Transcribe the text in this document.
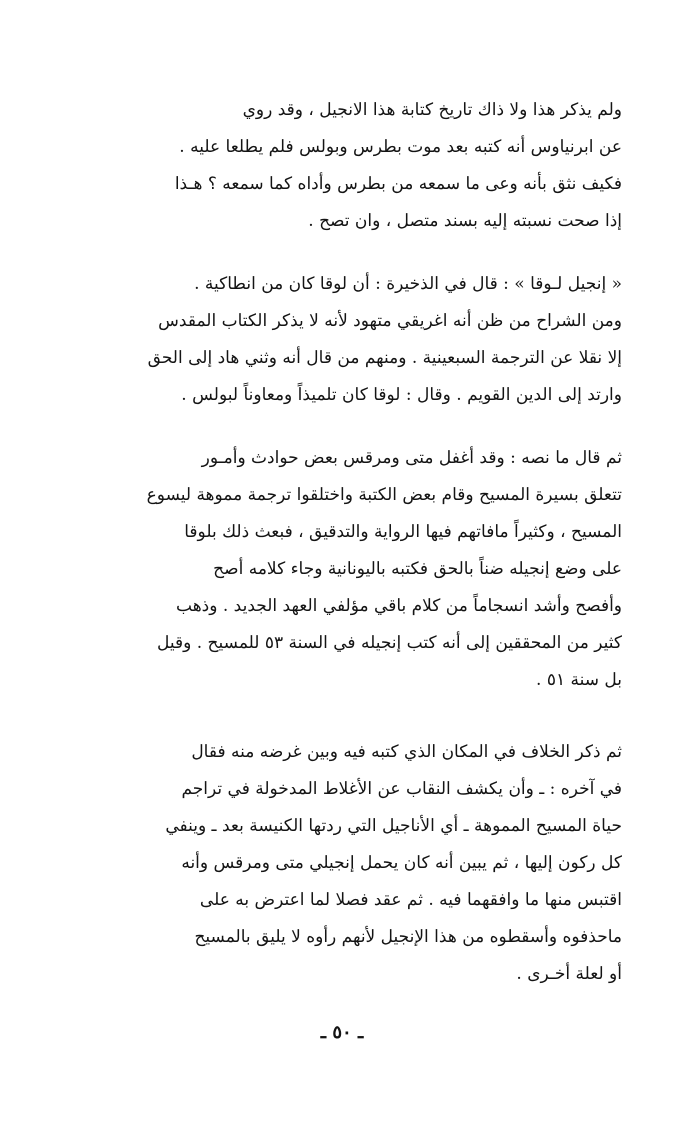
ولم يذكر هذا ولا ذاك تاريخ كتابة هذا الانجيل ، وقد روي
عن ابرنياوس أنه كتبه بعد موت بطرس وبولس فلم يطلعا عليه .
فكيف نثق بأنه وعى ما سمعه من بطرس وأداه كما سمعه ؟ هـذا
إذا صحت نسبته إليه بسند متصل ، وان تصح .
« إنجيل لـوقا » : قال في الذخيرة : أن لوقا كان من انطاكية .
ومن الشراح من ظن أنه اغريقي متهود لأنه لا يذكر الكتاب المقدس
إلا نقلا عن الترجمة السبعينية . ومنهم من قال أنه وثني هاد إلى الحق
وارتد إلى الدين القويم . وقال : لوقا كان تلميذاً ومعاوناً لبولس .
ثم قال ما نصه : وقد أغفل متى ومرقس بعض حوادث وأمـور
تتعلق بسيرة المسيح وقام بعض الكتبة واختلقوا ترجمة مموهة ليسوع
المسيح ، وكثيراً مافاتهم فيها الرواية والتدقيق ، فبعث ذلك بلوقا
على وضع إنجيله ضناً بالحق فكتبه باليونانية وجاء كلامه أصح
وأفصح وأشد انسجاماً من كلام باقي مؤلفي العهد الجديد . وذهب
كثير من المحققين إلى أنه كتب إنجيله في السنة ٥٣ للمسيح . وقيل
بل سنة ٥١ .
ثم ذكر الخلاف في المكان الذي كتبه فيه وبين غرضه منه فقال
في آخره : ـ وأن يكشف النقاب عن الأغلاط المدخولة في تراجم
حياة المسيح المموهة ـ أي الأناجيل التي ردتها الكنيسة بعد ـ وينفي
كل ركون إليها ، ثم يبين أنه كان يحمل إنجيلي متى ومرقس وأنه
اقتبس منها ما وافقهما فيه . ثم عقد فصلا لما اعترض به على
ماحذفوه وأسقطوه من هذا الإنجيل لأنهم رأوه لا يليق بالمسيح
أو لعلة أخـرى .
ـ ٥٠ ـ
